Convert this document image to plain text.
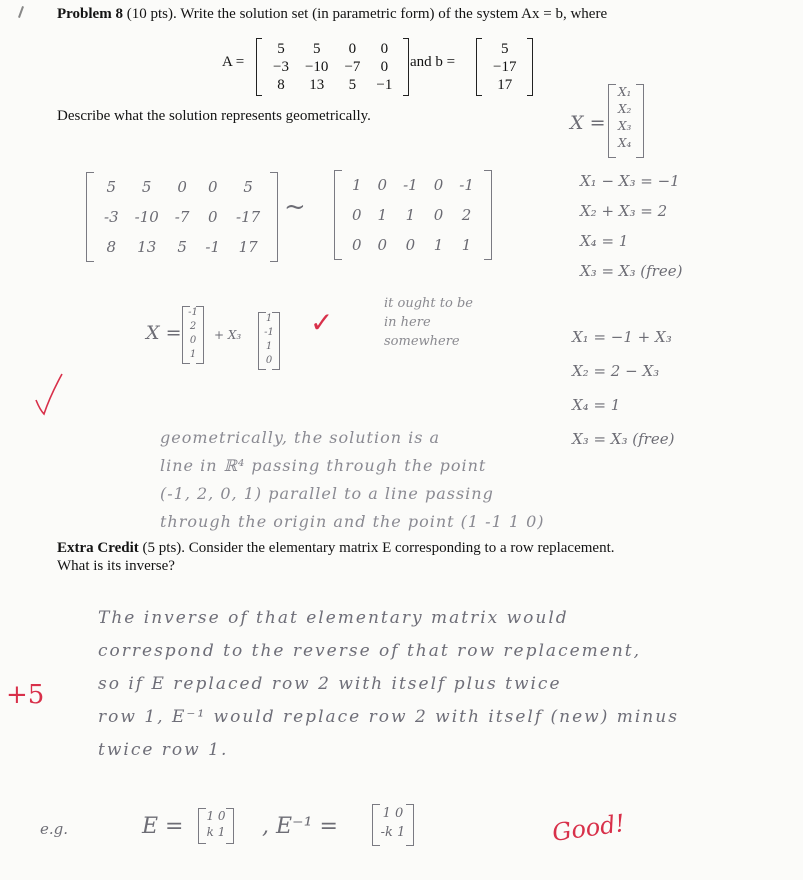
Problem 8 (10 pts). Write the solution set (in parametric form) of the system Ax = b, where
A =
5	5	0	0
−3	−10	−7	0
8	13	5	−1
and b =
5
−17
17
Describe what the solution represents geometrically.	X =
X₁
X₂
X₃
X₄
5	5	0	0	5
-3	-10	-7	0	-17
8	13	5	-1	17
~
1	0	-1	0	-1
0	1	1	0	2
0	0	0	1	1
X₁ − X₃ = −1
X₂ + X₃ = 2
X₄ = 1
X₃ = X₃ (free)
X =
-1
2
0
1
+ X₃
1
-1
1
0
✓
it ought to be
in here
somewhere	X₁ = −1 + X₃
X₂ = 2 − X₃
X₄ = 1
X₃ = X₃ (free)
geometrically, the solution is a
line in ℝ⁴ passing through the point
(-1, 2, 0, 1) parallel to a line passing
through the origin and the point (1 -1 1 0)
Extra Credit (5 pts). Consider the elementary matrix E corresponding to a row replacement.
What is its inverse?
The inverse of that elementary matrix would
correspond to the reverse of that row replacement,
so if E replaced row 2 with itself plus twice
row 1, E⁻¹ would replace row 2 with itself (new) minus
twice row 1.
+5
e.g.	E =	1 0
k 1	, E⁻¹ =
1 0
-k 1	Good!
